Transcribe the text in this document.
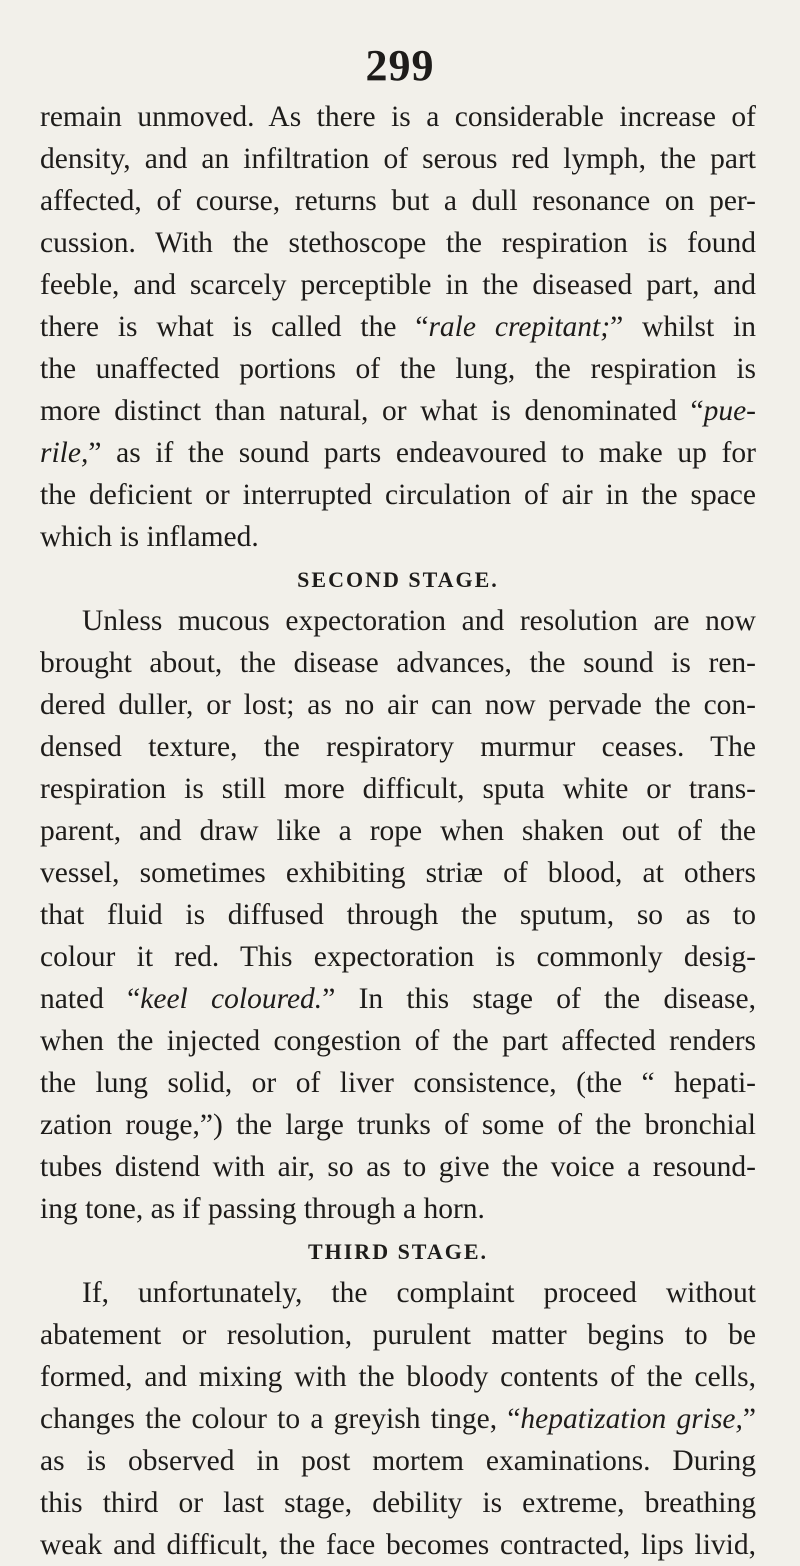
299
remain unmoved. As there is a considerable increase of
density, and an infiltration of serous red lymph, the part
affected, of course, returns but a dull resonance on per-
cussion. With the stethoscope the respiration is found
feeble, and scarcely perceptible in the diseased part, and
there is what is called the “rale crepitant;” whilst in
the unaffected portions of the lung, the respiration is
more distinct than natural, or what is denominated “pue-
rile,” as if the sound parts endeavoured to make up for
the deficient or interrupted circulation of air in the space
which is inflamed.
SECOND STAGE.
Unless mucous expectoration and resolution are now
brought about, the disease advances, the sound is ren-
dered duller, or lost; as no air can now pervade the con-
densed texture, the respiratory murmur ceases. The
respiration is still more difficult, sputa white or trans-
parent, and draw like a rope when shaken out of the
vessel, sometimes exhibiting striæ of blood, at others
that fluid is diffused through the sputum, so as to
colour it red. This expectoration is commonly desig-
nated “keel coloured.” In this stage of the disease,
when the injected congestion of the part affected renders
the lung solid, or of liver consistence, (the “ hepati-
zation rouge,”) the large trunks of some of the bronchial
tubes distend with air, so as to give the voice a resound-
ing tone, as if passing through a horn.
THIRD STAGE.
If, unfortunately, the complaint proceed without
abatement or resolution, purulent matter begins to be
formed, and mixing with the bloody contents of the cells,
changes the colour to a greyish tinge, “hepatization grise,”
as is observed in post mortem examinations. During
this third or last stage, debility is extreme, breathing
weak and difficult, the face becomes contracted, lips livid,
